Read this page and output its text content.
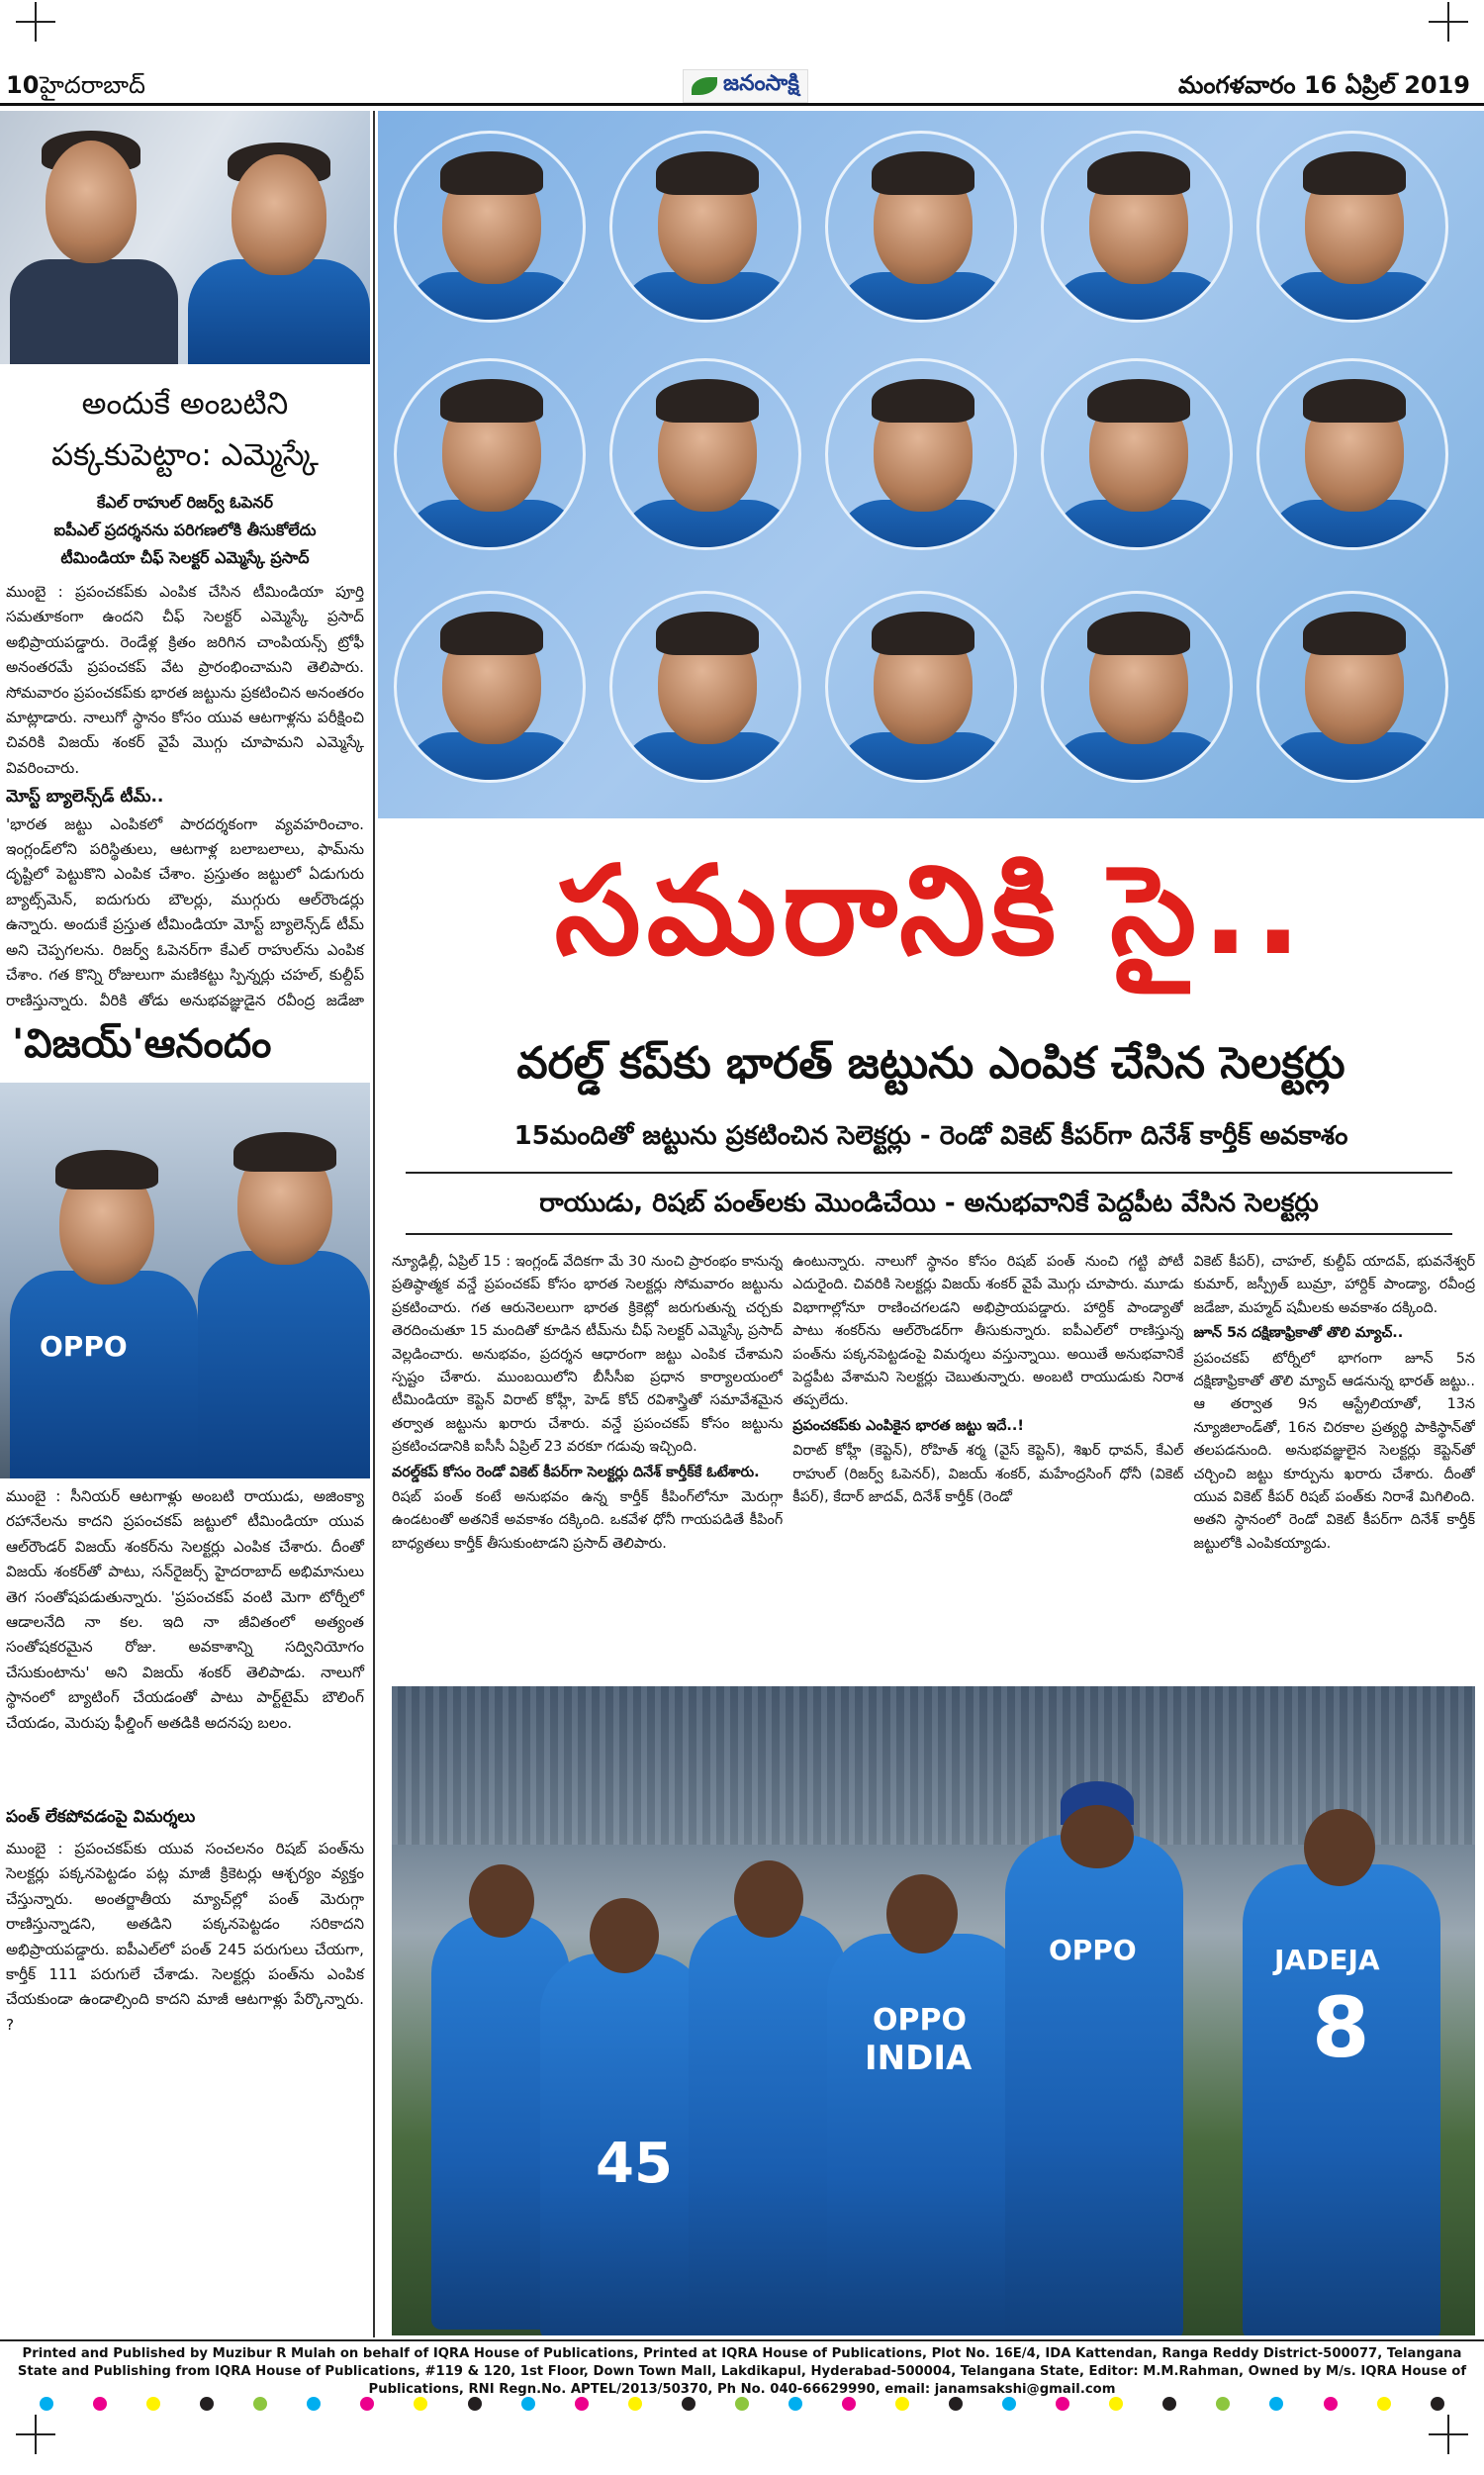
10 హైదరాబాద్	జనంసాక్షి	మంగళవారం 16 ఏప్రిల్ 2019
అందుకే అంబటిని
పక్కకుపెట్టాం: ఎమ్మెస్కే
కేఎల్ రాహుల్ రిజర్వ్ ఓపెనర్
ఐపీఎల్ ప్రదర్శనను పరిగణలోకి తీసుకోలేదు
టీమిండియా చీఫ్ సెలక్టర్ ఎమ్మెస్కే ప్రసాద్

ముంబై : ప్రపంచకప్‌కు ఎంపిక చేసిన టీమిండియా పూర్తి సమతూకంగా ఉందని చీఫ్ సెలక్టర్ ఎమ్మెస్కే ప్రసాద్ అభిప్రాయపడ్డారు. రెండేళ్ల క్రితం జరిగిన చాంపియన్స్ ట్రోఫీ అనంతరమే ప్రపంచకప్ వేట ప్రారంభించామని తెలిపారు. సోమవారం ప్రపంచకప్‌కు భారత జట్టును ప్రకటించిన అనంతరం మాట్లాడారు. నాలుగో స్థానం కోసం యువ ఆటగాళ్లను పరీక్షించి చివరికి విజయ్ శంకర్ వైపే మొగ్గు చూపామని ఎమ్మెస్కే వివరించారు.

మోస్ట్ బ్యాలెన్స్‌డ్ టీమ్..

'భారత జట్టు ఎంపికలో పారదర్శకంగా వ్యవహరించాం. ఇంగ్లండ్‌లోని పరిస్థితులు, ఆటగాళ్ల బలాబలాలు, ఫామ్‌ను దృష్టిలో పెట్టుకొని ఎంపిక చేశాం. ప్రస్తుతం జట్టులో ఏడుగురు బ్యాట్స్‌మెన్, ఐదుగురు బౌలర్లు, ముగ్గురు ఆల్‌రౌండర్లు ఉన్నారు. అందుకే ప్రస్తుత టీమిండియా మోస్ట్ బ్యాలెన్స్‌డ్ టీమ్ అని చెప్పగలను. రిజర్వ్ ఓపెనర్‌గా కేఎల్ రాహుల్‌ను ఎంపిక చేశాం. గత కొన్ని రోజులుగా మణికట్టు స్పిన్నర్లు చహల్, కుల్దీప్ రాణిస్తున్నారు. వీరికి తోడు అనుభవజ్ఞుడైన రవీంద్ర జడేజా

'విజయ్'ఆనందం
OPPO

ముంబై : సీనియర్ ఆటగాళ్లు అంబటి రాయుడు, అజింక్యా రహానేలను కాదని ప్రపంచకప్ జట్టులో టీమిండియా యువ ఆల్‌రౌండర్ విజయ్ శంకర్‌ను సెలక్టర్లు ఎంపిక చేశారు. దీంతో విజయ్ శంకర్‌తో పాటు, సన్‌రైజర్స్ హైదరాబాద్ అభిమానులు తెగ సంతోషపడుతున్నారు. 'ప్రపంచకప్ వంటి మెగా టోర్నీలో ఆడాలనేది నా కల. ఇది నా జీవితంలో అత్యంత సంతోషకరమైన రోజు. అవకాశాన్ని సద్వినియోగం చేసుకుంటాను' అని విజయ్ శంకర్ తెలిపాడు. నాలుగో స్థానంలో బ్యాటింగ్ చేయడంతో పాటు పార్ట్‌టైమ్ బౌలింగ్ చేయడం, మెరుపు ఫీల్డింగ్ అతడికి అదనపు బలం.

పంత్ లేకపోవడంపై విమర్శలు

ముంబై : ప్రపంచకప్‌కు యువ సంచలనం రిషబ్ పంత్‌ను సెలక్టర్లు పక్కనపెట్టడం పట్ల మాజీ క్రికెటర్లు ఆశ్చర్యం వ్యక్తం చేస్తున్నారు. అంతర్జాతీయ మ్యాచ్‌ల్లో పంత్ మెరుగ్గా రాణిస్తున్నాడని, అతడిని పక్కనపెట్టడం సరికాదని అభిప్రాయపడ్డారు. ఐపీఎల్‌లో పంత్ 245 పరుగులు చేయగా, కార్తీక్ 111 పరుగులే చేశాడు. సెలక్టర్లు పంత్‌ను ఎంపిక చేయకుండా ఉండాల్సింది కాదని మాజీ ఆటగాళ్లు పేర్కొన్నారు. ?

సమరానికి సై..
వరల్డ్ కప్‌కు భారత్ జట్టును ఎంపిక చేసిన సెలక్టర్లు
15మందితో జట్టును ప్రకటించిన సెలెక్టర్లు - రెండో వికెట్ కీపర్‌గా దినేశ్ కార్తీక్ అవకాశం
రాయుడు, రిషబ్ పంత్‌లకు మొండిచేయి - అనుభవానికే పెద్దపీట వేసిన సెలక్టర్లు

న్యూఢిల్లీ, ఏప్రిల్ 15 : ఇంగ్లండ్ వేదికగా మే 30 నుంచి ప్రారంభం కానున్న ప్రతిష్ఠాత్మక వన్డే ప్రపంచకప్ కోసం భారత సెలక్టర్లు సోమవారం జట్టును ప్రకటించారు. గత ఆరునెలలుగా భారత క్రికెట్లో జరుగుతున్న చర్చకు తెరదించుతూ 15 మందితో కూడిన టీమ్‌ను చీఫ్ సెలక్టర్ ఎమ్మెస్కే ప్రసాద్ వెల్లడించారు. అనుభవం, ప్రదర్శన ఆధారంగా జట్టు ఎంపిక చేశామని స్పష్టం చేశారు. ముంబయిలోని బీసీసీఐ ప్రధాన కార్యాలయంలో టీమిండియా కెప్టెన్ విరాట్ కోహ్లీ, హెడ్ కోచ్ రవిశాస్త్రితో సమావేశమైన తర్వాత జట్టును ఖరారు చేశారు. వన్డే ప్రపంచకప్ కోసం జట్టును ప్రకటించడానికి ఐసీసీ ఏప్రిల్ 23 వరకూ గడువు ఇచ్చింది.

వరల్డ్‌కప్ కోసం రెండో వికెట్ కీపర్‌గా సెలక్టర్లు దినేశ్ కార్తీక్‌కే ఓటేశారు.

రిషబ్ పంత్ కంటే అనుభవం ఉన్న కార్తీక్ కీపింగ్‌లోనూ మెరుగ్గా ఉండటంతో అతనికే అవకాశం దక్కింది. ఒకవేళ ధోనీ గాయపడితే కీపింగ్ బాధ్యతలు కార్తీక్ తీసుకుంటాడని ప్రసాద్ తెలిపారు.

ఉంటున్నారు. నాలుగో స్థానం కోసం రిషబ్ పంత్ నుంచి గట్టి పోటీ ఎదురైంది. చివరికి సెలక్టర్లు విజయ్ శంకర్ వైపే మొగ్గు చూపారు. మూడు విభాగాల్లోనూ రాణించగలడని అభిప్రాయపడ్డారు. హార్దిక్ పాండ్యాతో పాటు శంకర్‌ను ఆల్‌రౌండర్‌గా తీసుకున్నారు. ఐపీఎల్‌లో రాణిస్తున్న పంత్‌ను పక్కనపెట్టడంపై విమర్శలు వస్తున్నాయి. అయితే అనుభవానికే పెద్దపీట వేశామని సెలక్టర్లు చెబుతున్నారు. అంబటి రాయుడుకు నిరాశ తప్పలేదు.

ప్రపంచకప్‌కు ఎంపికైన భారత జట్టు ఇదే..!

విరాట్ కోహ్లీ (కెప్టెన్), రోహిత్ శర్మ (వైస్ కెప్టెన్), శిఖర్ ధావన్, కేఎల్ రాహుల్ (రిజర్వ్ ఓపెనర్), విజయ్ శంకర్, మహేంద్రసింగ్ ధోనీ (వికెట్ కీపర్), కేదార్ జాదవ్, దినేశ్ కార్తీక్ (రెండో

వికెట్ కీపర్), చాహల్, కుల్దీప్ యాదవ్, భువనేశ్వర్ కుమార్, జస్ప్రీత్ బుమ్రా, హార్దిక్ పాండ్యా, రవీంద్ర జడేజా, మహ్మద్ షమీలకు అవకాశం దక్కింది.

జూన్ 5న దక్షిణాఫ్రికాతో తొలి మ్యాచ్..

ప్రపంచకప్ టోర్నీలో భాగంగా జూన్ 5న దక్షిణాఫ్రికాతో తొలి మ్యాచ్ ఆడనున్న భారత్ జట్టు.. ఆ తర్వాత 9న ఆస్ట్రేలియాతో, 13న న్యూజిలాండ్‌తో, 16న చిరకాల ప్రత్యర్థి పాకిస్థాన్‌తో తలపడనుంది. అనుభవజ్ఞులైన సెలక్టర్లు కెప్టెన్‌తో చర్చించి జట్టు కూర్పును ఖరారు చేశారు. దీంతో యువ వికెట్ కీపర్ రిషబ్ పంత్‌కు నిరాశే మిగిలింది. అతని స్థానంలో రెండో వికెట్ కీపర్‌గా దినేశ్ కార్తీక్ జట్టులోకి ఎంపికయ్యాడు.

45
OPPO
INDIA
OPPO	JADEJA
8
Printed and Published by Muzibur R Mulah on behalf of IQRA House of Publications, Printed at IQRA House of Publications, Plot No. 16E/4, IDA Kattendan, Ranga Reddy District-500077, Telangana State and Publishing from IQRA House of Publications, #119 & 120, 1st Floor, Down Town Mall, Lakdikapul, Hyderabad-500004, Telangana State, Editor: M.M.Rahman, Owned by M/s. IQRA House of Publications, RNI Regn.No. APTEL/2013/50370, Ph No. 040-66629990, email: janamsakshi@gmail.com
